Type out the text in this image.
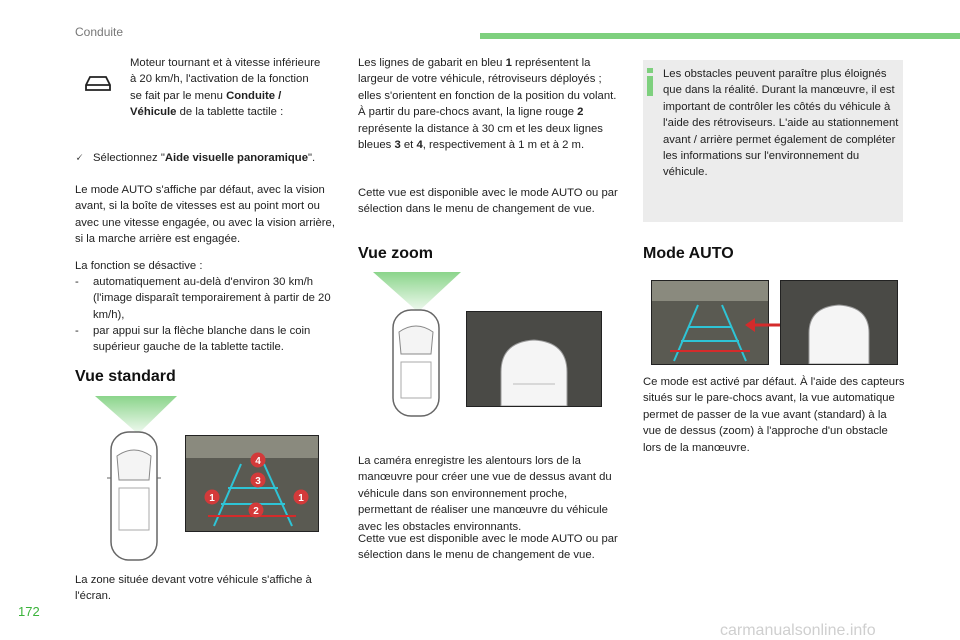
Conduite
Moteur tournant et à vitesse inférieure à 20 km/h, l'activation de la fonction se fait par le menu Conduite / Véhicule de la tablette tactile :
🗸 Sélectionnez "Aide visuelle panoramique".
Le mode AUTO s'affiche par défaut, avec la vision avant, si la boîte de vitesses est au point mort ou avec une vitesse engagée, ou avec la vision arrière, si la marche arrière est engagée.
La fonction se désactive :
-	automatiquement au-delà d'environ 30 km/h (l'image disparaît temporairement à partir de 20 km/h),
-	par appui sur la flèche blanche dans le coin supérieur gauche de la tablette tactile.
Vue standard
4
3
1	1
2
La zone située devant votre véhicule s'affiche à l'écran.
Les lignes de gabarit en bleu 1 représentent la largeur de votre véhicule, rétroviseurs déployés ; elles s'orientent en fonction de la position du volant.
À partir du pare-chocs avant, la ligne rouge 2 représente la distance à 30 cm et les deux lignes bleues 3 et 4, respectivement à 1 m et à 2 m.
Cette vue est disponible avec le mode AUTO ou par sélection dans le menu de changement de vue.
Vue zoom
La caméra enregistre les alentours lors de la manœuvre pour créer une vue de dessus avant du véhicule dans son environnement proche, permettant de réaliser une manœuvre du véhicule avec les obstacles environnants.
Cette vue est disponible avec le mode AUTO ou par sélection dans le menu de changement de vue.
Les obstacles peuvent paraître plus éloignés que dans la réalité. Durant la manœuvre, il est important de contrôler les côtés du véhicule à l'aide des rétroviseurs. L'aide au stationnement avant / arrière permet également de compléter les informations sur l'environnement du véhicule.
Mode AUTO
Ce mode est activé par défaut. À l'aide des capteurs situés sur le pare-chocs avant, la vue automatique permet de passer de la vue avant (standard) à la vue de dessus (zoom) à l'approche d'un obstacle lors de la manœuvre.
172
carmanualsonline.info
